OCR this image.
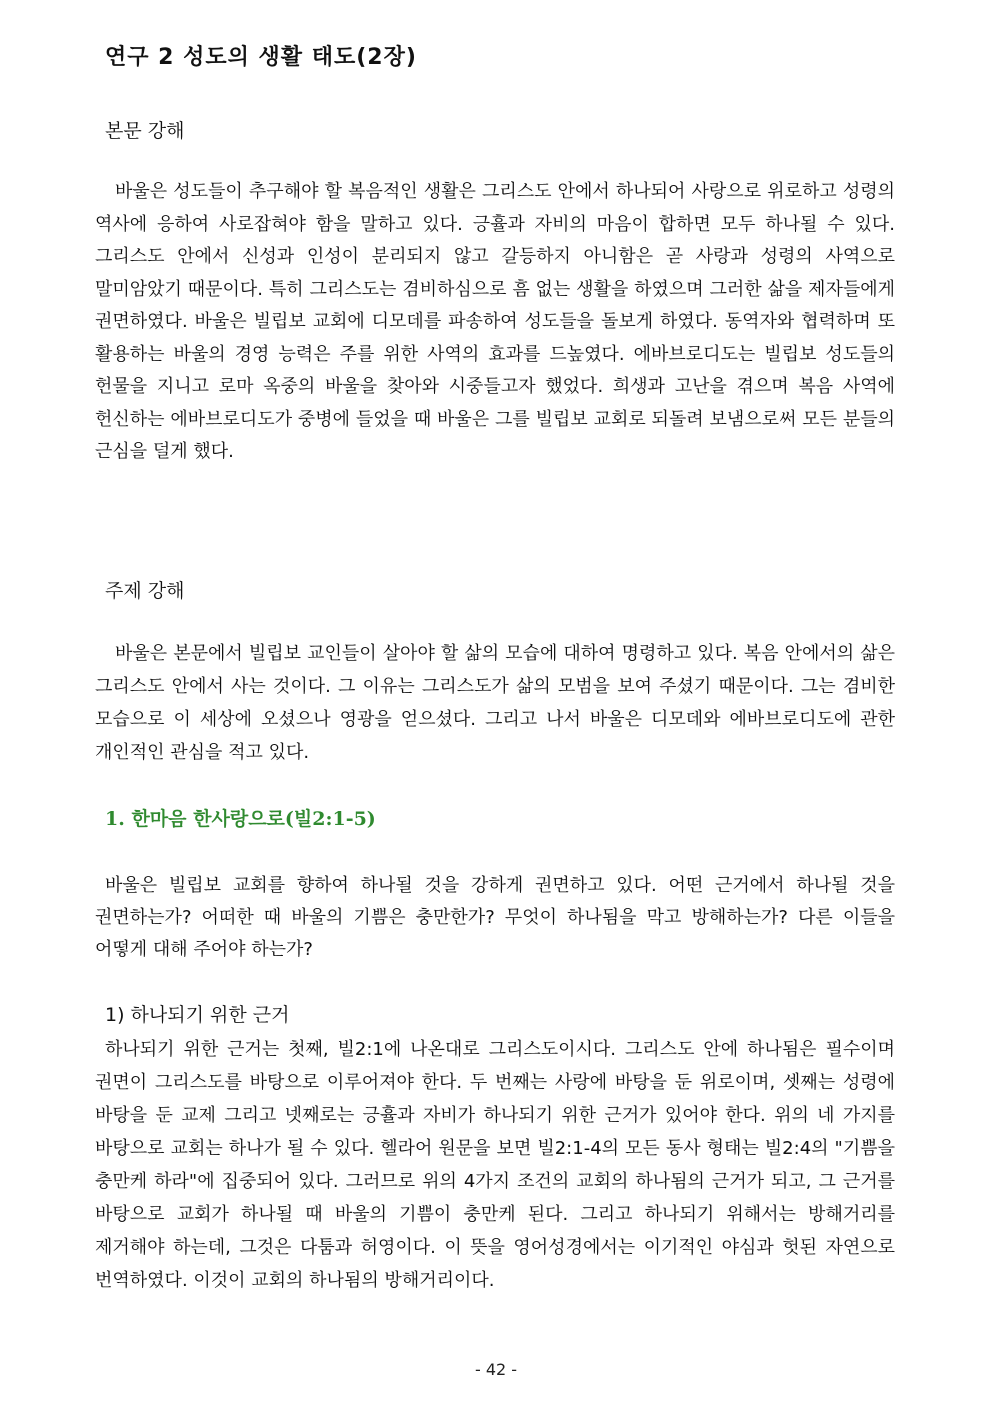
연구 2 성도의 생활 태도(2장)
본문 강해
바울은 성도들이 추구해야 할 복음적인 생활은 그리스도 안에서 하나되어 사랑으로 위로하고 성령의 역사에 응하여 사로잡혀야 함을 말하고 있다. 긍휼과 자비의 마음이 합하면 모두 하나될 수 있다. 그리스도 안에서 신성과 인성이 분리되지 않고 갈등하지 아니함은 곧 사랑과 성령의 사역으로 말미암았기 때문이다. 특히 그리스도는 겸비하심으로 흠 없는 생활을 하였으며 그러한 삶을 제자들에게 권면하였다. 바울은 빌립보 교회에 디모데를 파송하여 성도들을 돌보게 하였다. 동역자와 협력하며 또 활용하는 바울의 경영 능력은 주를 위한 사역의 효과를 드높였다. 에바브로디도는 빌립보 성도들의 헌물을 지니고 로마 옥중의 바울을 찾아와 시중들고자 했었다. 희생과 고난을 겪으며 복음 사역에 헌신하는 에바브로디도가 중병에 들었을 때 바울은 그를 빌립보 교회로 되돌려 보냄으로써 모든 분들의 근심을 덜게 했다.
주제 강해
바울은 본문에서 빌립보 교인들이 살아야 할 삶의 모습에 대하여 명령하고 있다. 복음 안에서의 삶은 그리스도 안에서 사는 것이다. 그 이유는 그리스도가 삶의 모범을 보여 주셨기 때문이다. 그는 겸비한 모습으로 이 세상에 오셨으나 영광을 얻으셨다. 그리고 나서 바울은 디모데와 에바브로디도에 관한 개인적인 관심을 적고 있다.
1. 한마음 한사랑으로(빌2:1-5)
바울은 빌립보 교회를 향하여 하나될 것을 강하게 권면하고 있다. 어떤 근거에서 하나될 것을 권면하는가? 어떠한 때 바울의 기쁨은 충만한가? 무엇이 하나됨을 막고 방해하는가? 다른 이들을 어떻게 대해 주어야 하는가?
1) 하나되기 위한 근거
하나되기 위한 근거는 첫째, 빌2:1에 나온대로 그리스도이시다. 그리스도 안에 하나됨은 필수이며 권면이 그리스도를 바탕으로 이루어져야 한다. 두 번째는 사랑에 바탕을 둔 위로이며, 셋째는 성령에 바탕을 둔 교제 그리고 넷째로는 긍휼과 자비가 하나되기 위한 근거가 있어야 한다. 위의 네 가지를 바탕으로 교회는 하나가 될 수 있다. 헬라어 원문을 보면 빌2:1-4의 모든 동사 형태는 빌2:4의 "기쁨을 충만케 하라"에 집중되어 있다. 그러므로 위의 4가지 조건의 교회의 하나됨의 근거가 되고, 그 근거를 바탕으로 교회가 하나될 때 바울의 기쁨이 충만케 된다. 그리고 하나되기 위해서는 방해거리를 제거해야 하는데, 그것은 다툼과 허영이다. 이 뜻을 영어성경에서는 이기적인 야심과 헛된 자연으로 번역하였다. 이것이 교회의 하나됨의 방해거리이다.
- 42 -
